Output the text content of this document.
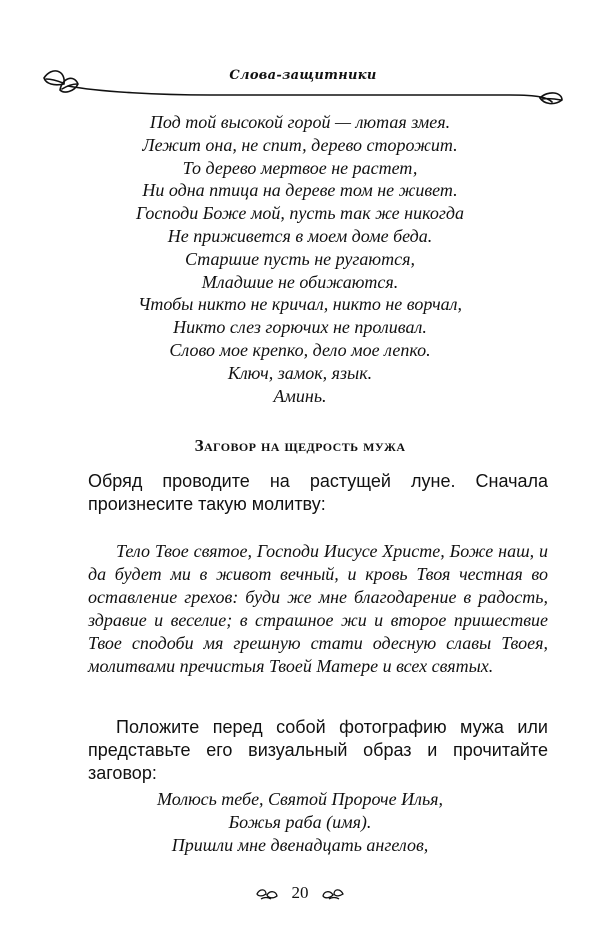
Слова-защитники
Под той высокой горой — лютая змея.
Лежит она, не спит, дерево сторожит.
То дерево мертвое не растет,
Ни одна птица на дереве том не живет.
Господи Боже мой, пусть так же никогда
Не приживется в моем доме беда.
Старшие пусть не ругаются,
Младшие не обижаются.
Чтобы никто не кричал, никто не ворчал,
Никто слез горючих не проливал.
Слово мое крепко, дело мое лепко.
Ключ, замок, язык.
Аминь.
Заговор на щедрость мужа
Обряд проводите на растущей луне. Сначала произнесите такую молитву:
Тело Твое святое, Господи Иисусе Христе, Боже наш, и да будет ми в живот вечный, и кровь Твоя честная во оставление грехов: буди же мне благодарение в радость, здравие и веселие; в страшное жи и второе пришествие Твое сподоби мя грешную стати одесную славы Твоея, молитвами пречистыя Твоей Матере и всех святых.
Положите перед собой фотографию мужа или представьте его визуальный образ и прочитайте заговор:
Молюсь тебе, Святой Пророче Илья,
Божья раба (имя).
Пришли мне двенадцать ангелов,
20
